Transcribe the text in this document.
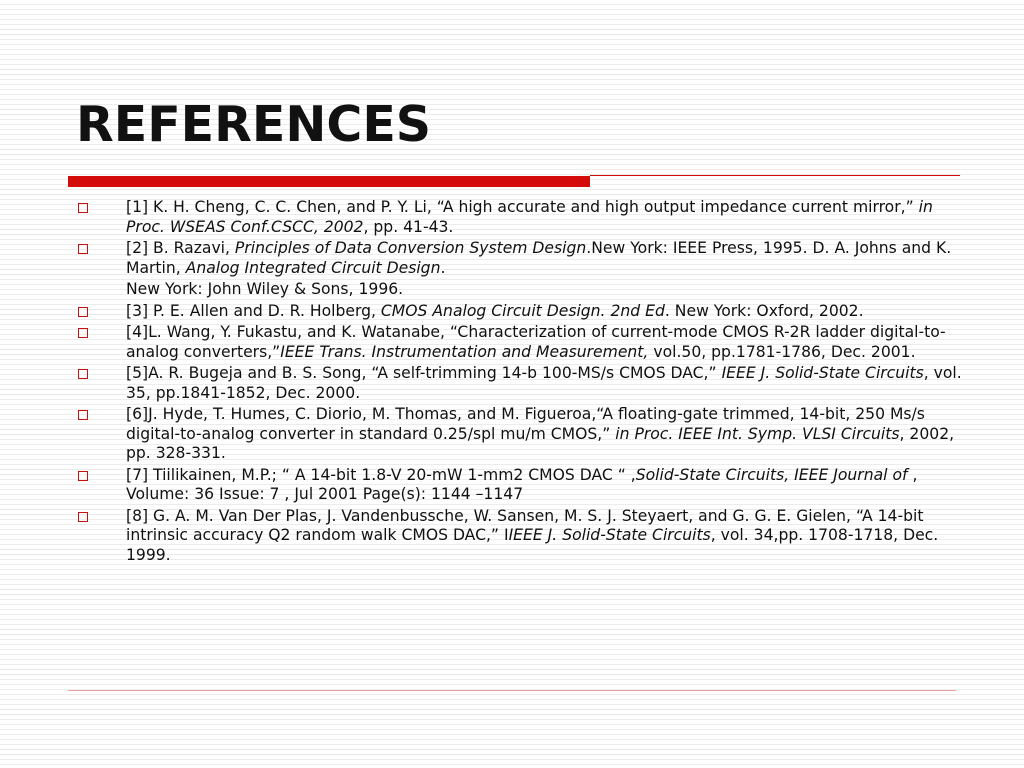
REFERENCES
[1] K. H. Cheng, C. C. Chen, and P. Y. Li, “A high accurate and high output impedance current mirror,” in Proc. WSEAS Conf.CSCC, 2002, pp. 41-43.
[2] B. Razavi, Principles of Data Conversion System Design.New York: IEEE Press, 1995. D. A. Johns and K. Martin, Analog Integrated Circuit Design.
New York: John Wiley & Sons, 1996.
[3] P. E. Allen and D. R. Holberg, CMOS Analog Circuit Design. 2nd Ed. New York: Oxford, 2002.
[4]L. Wang, Y. Fukastu, and K. Watanabe, “Characterization of current-mode CMOS R-2R ladder digital-to-analog converters,”IEEE Trans. Instrumentation and Measurement, vol.50, pp.1781-1786, Dec. 2001.
[5]A. R. Bugeja and B. S. Song, “A self-trimming 14-b 100-MS/s CMOS DAC,” IEEE J. Solid-State Circuits, vol. 35, pp.1841-1852, Dec. 2000.
[6]J. Hyde, T. Humes, C. Diorio, M. Thomas, and M. Figueroa,“A floating-gate trimmed, 14-bit, 250 Ms/s digital-to-analog converter in standard 0.25/spl mu/m CMOS,” in Proc. IEEE Int. Symp. VLSI Circuits, 2002, pp. 328-331.
[7] Tiilikainen, M.P.; “ A 14-bit 1.8-V 20-mW 1-mm2 CMOS DAC “ ,Solid-State Circuits, IEEE Journal of , Volume: 36 Issue: 7 , Jul 2001 Page(s): 1144 –1147
[8] G. A. M. Van Der Plas, J. Vandenbussche, W. Sansen, M. S. J. Steyaert, and G. G. E. Gielen, “A 14-bit intrinsic accuracy Q2 random walk CMOS DAC,” IIEEE J. Solid-State Circuits, vol. 34,pp. 1708-1718, Dec. 1999.
